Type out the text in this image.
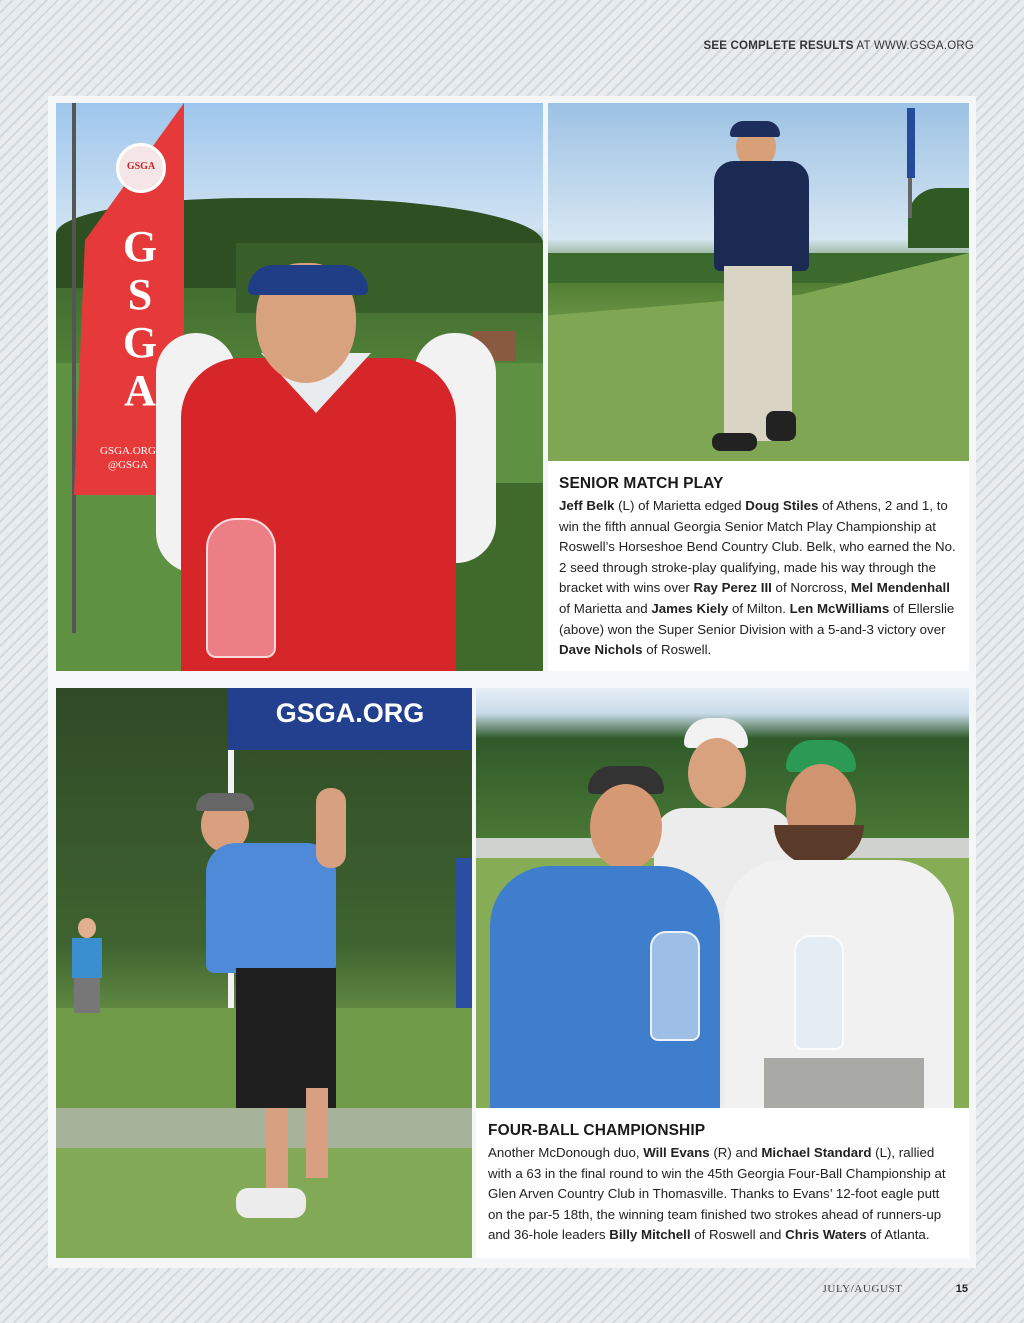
SEE COMPLETE RESULTS AT WWW.GSGA.ORG
GSGA
G
S
G
A
GSGA.ORG
@GSGA
SENIOR MATCH PLAY
Jeff Belk (L) of Marietta edged Doug Stiles of Athens, 2 and 1, to win the fifth annual Georgia Senior Match Play Championship at Roswell’s Horseshoe Bend Country Club. Belk, who earned the No. 2 seed through stroke-play qualifying, made his way through the bracket with wins over Ray Perez III of Norcross, Mel Mendenhall of Marietta and James Kiely of Milton. Len McWilliams of Ellerslie (above) won the Super Senior Division with a 5-and-3 victory over Dave Nichols of Roswell.
GSGA.ORG
FOUR-BALL CHAMPIONSHIP
Another McDonough duo, Will Evans (R) and Michael Standard (L), rallied with a 63 in the final round to win the 45th Georgia Four-Ball Championship at Glen Arven Country Club in Thomasville. Thanks to Evans’ 12-foot eagle putt on the par-5 18th, the winning team finished two strokes ahead of runners-up and 36-hole leaders Billy Mitchell of Roswell and Chris Waters of Atlanta.
JULY/AUGUST	15
